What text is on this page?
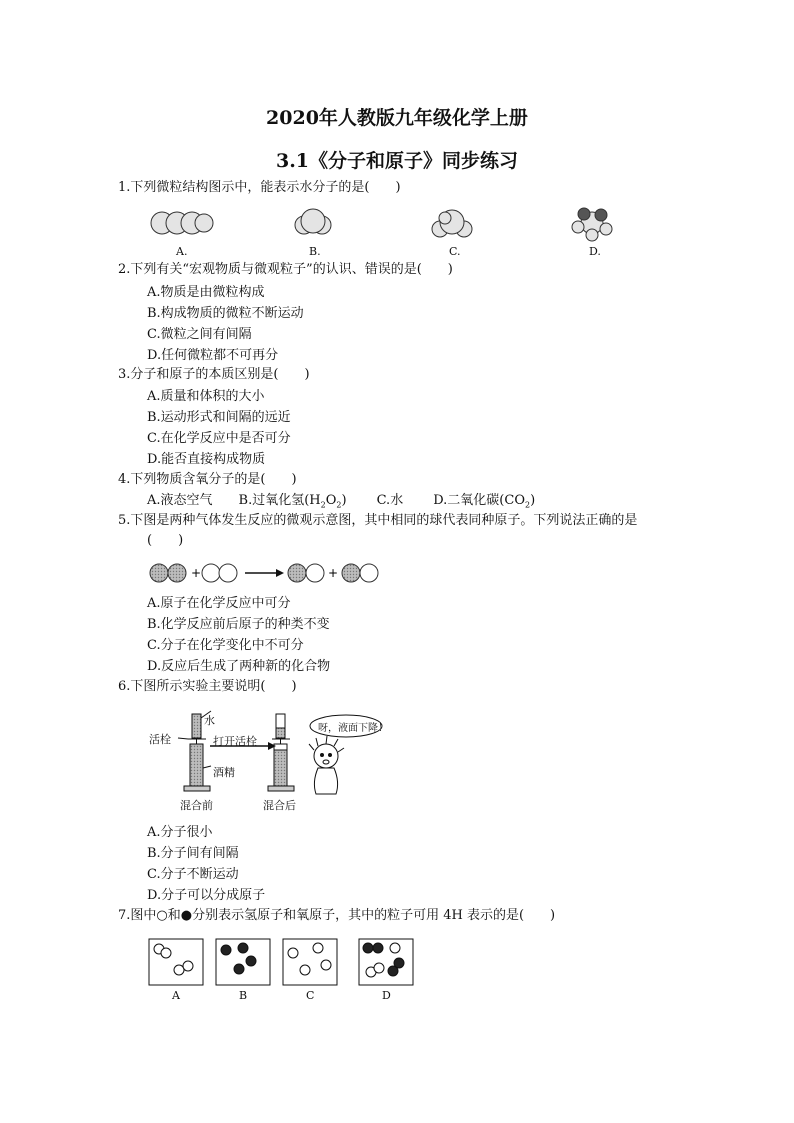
2020年人教版九年级化学上册
3.1《分子和原子》同步练习
1.下列微粒结构图示中，能表示水分子的是(　　)
A.	B.	C.	D.
2.下列有关“宏观物质与微观粒子”的认识、错误的是(　　)
A.物质是由微粒构成
B.构成物质的微粒不断运动
C.微粒之间有间隔
D.任何微粒都不可再分
3.分子和原子的本质区别是(　　)
A.质量和体积的大小
B.运动形式和间隔的远近
C.在化学反应中是否可分
D.能否直接构成物质
4.下列物质含氧分子的是(　　)
A.液态空气 B.过氧化氢$(H_2O_2)$ C.水 D.二氧化碳$(CO_2)$
5.下图是两种气体发生反应的微观示意图，其中相同的球代表同种原子。下列说法正确的是
(　　)
+	+
A.原子在化学反应中可分
B.化学反应前后原子的种类不变
C.分子在化学变化中不可分
D.反应后生成了两种新的化合物
6.下图所示实验主要说明(　　)
水
活栓	打开活栓
酒精
混合前	混合后
呀，液面下降！
A.分子很小
B.分子间有间隔
C.分子不断运动
D.分子可以分成原子
7.图中○和●分别表示氢原子和氧原子，其中的粒子可用 4H 表示的是(　　)
A	B	C	D
